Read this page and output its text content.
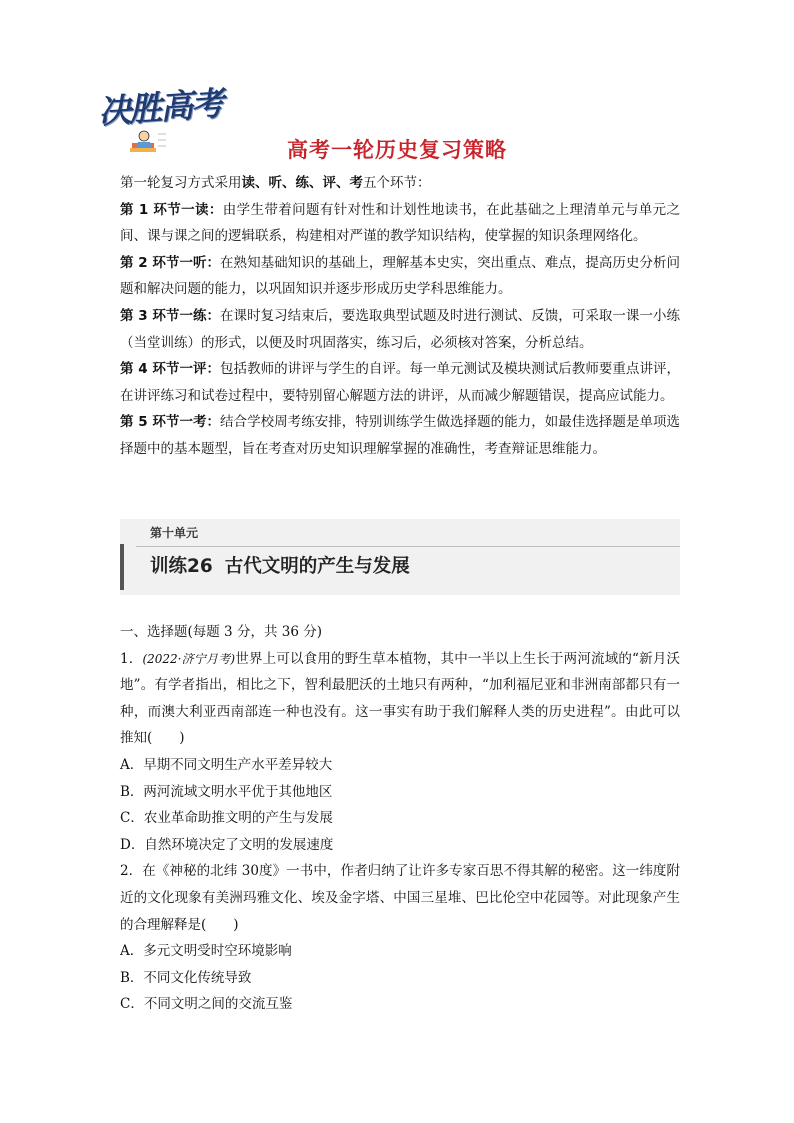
决胜高考
高考一轮历史复习策略

第一轮复习方式采用读、听、练、评、考五个环节：

第 1 环节一读：由学生带着问题有针对性和计划性地读书，在此基础之上理清单元与单元之间、课与课之间的逻辑联系，构建相对严谨的教学知识结构，使掌握的知识条理网络化。

第 2 环节一听：在熟知基础知识的基础上，理解基本史实，突出重点、难点，提高历史分析问题和解决问题的能力，以巩固知识并逐步形成历史学科思维能力。

第 3 环节一练：在课时复习结束后，要选取典型试题及时进行测试、反馈，可采取一课一小练（当堂训练）的形式，以便及时巩固落实，练习后，必须核对答案，分析总结。

第 4 环节一评：包括教师的讲评与学生的自评。每一单元测试及模块测试后教师要重点讲评，在讲评练习和试卷过程中，要特别留心解题方法的讲评，从而减少解题错误，提高应试能力。

第 5 环节一考：结合学校周考练安排，特别训练学生做选择题的能力，如最佳选择题是单项选择题中的基本题型，旨在考查对历史知识理解掌握的准确性，考查辩证思维能力。

第十单元
训练26 古代文明的产生与发展

一、选择题(每题 3 分，共 36 分)

1．(2022·济宁月考)世界上可以食用的野生草本植物，其中一半以上生长于两河流域的“新月沃地”。有学者指出，相比之下，智利最肥沃的土地只有两种，“加利福尼亚和非洲南部都只有一种，而澳大利亚西南部连一种也没有。这一事实有助于我们解释人类的历史进程”。由此可以推知(　　)

A．早期不同文明生产水平差异较大

B．两河流域文明水平优于其他地区

C．农业革命助推文明的产生与发展

D．自然环境决定了文明的发展速度

2．在《神秘的北纬 30度》一书中，作者归纳了让许多专家百思不得其解的秘密。这一纬度附近的文化现象有美洲玛雅文化、埃及金字塔、中国三星堆、巴比伦空中花园等。对此现象产生的合理解释是(　　)

A．多元文明受时空环境影响

B．不同文化传统导致

C．不同文明之间的交流互鉴
